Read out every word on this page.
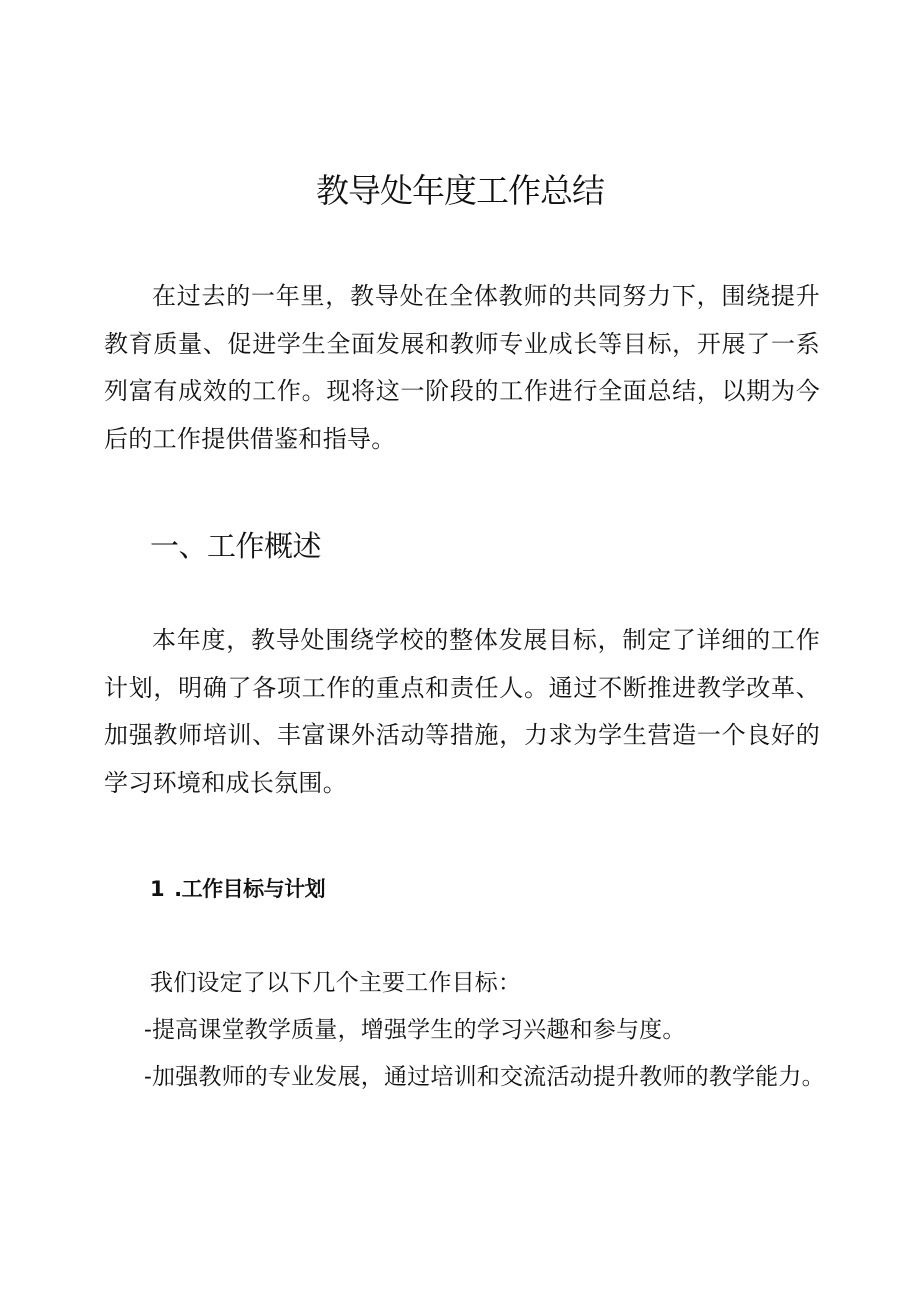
教导处年度工作总结

在过去的一年里，教导处在全体教师的共同努力下，围绕提升教育质量、促进学生全面发展和教师专业成长等目标，开展了一系列富有成效的工作。现将这一阶段的工作进行全面总结，以期为今后的工作提供借鉴和指导。

一、工作概述

本年度，教导处围绕学校的整体发展目标，制定了详细的工作计划，明确了各项工作的重点和责任人。通过不断推进教学改革、加强教师培训、丰富课外活动等措施，力求为学生营造一个良好的学习环境和成长氛围。

1 .工作目标与计划

我们设定了以下几个主要工作目标：

-提高课堂教学质量，增强学生的学习兴趣和参与度。

-加强教师的专业发展，通过培训和交流活动提升教师的教学能力。
